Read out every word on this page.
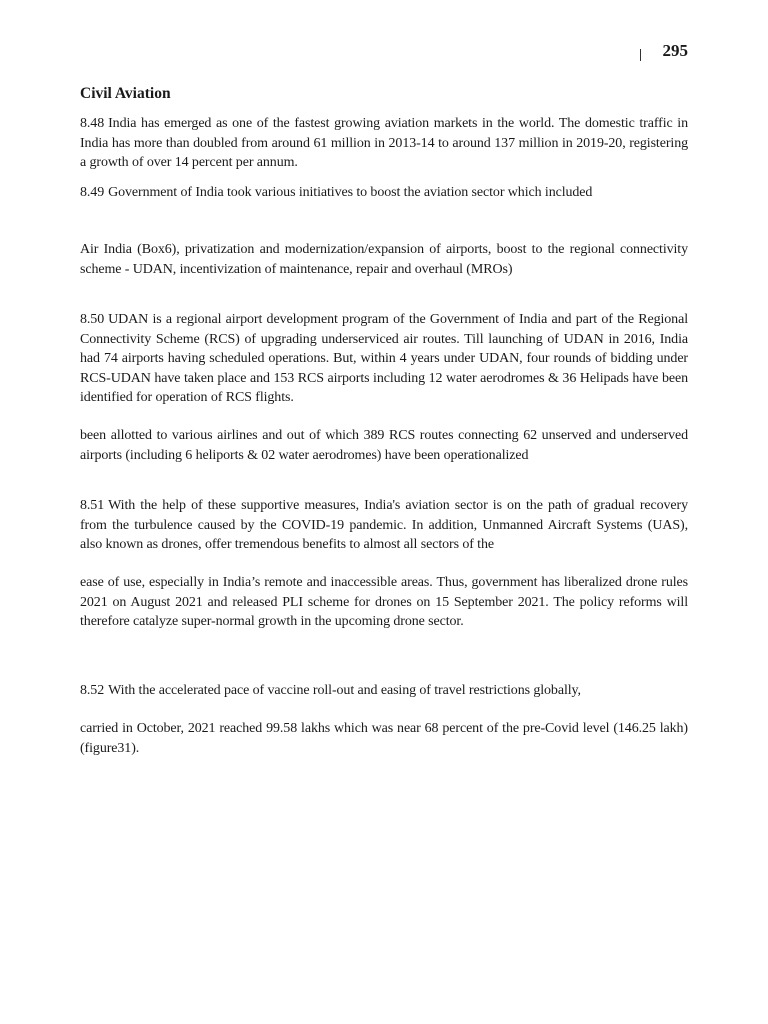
295
Civil Aviation

8.48 India has emerged as one of the fastest growing aviation markets in the world. The domestic traffic in India has more than doubled from around 61 million in 2013-14 to around 137 million in 2019-20, registering a growth of over 14 percent per annum.

8.49 Government of India took various initiatives to boost the aviation sector which included

Air India (Box6), privatization and modernization/expansion of airports, boost to the regional connectivity scheme - UDAN, incentivization of maintenance, repair and overhaul (MROs)

8.50 UDAN is a regional airport development program of the Government of India and part of the Regional Connectivity Scheme (RCS) of upgrading underserviced air routes. Till launching of UDAN in 2016, India had 74 airports having scheduled operations. But, within 4 years under UDAN, four rounds of bidding under RCS-UDAN have taken place and 153 RCS airports including 12 water aerodromes & 36 Helipads have been identified for operation of RCS flights.

been allotted to various airlines and out of which 389 RCS routes connecting 62 unserved and underserved airports (including 6 heliports & 02 water aerodromes) have been operationalized

8.51 With the help of these supportive measures, India's aviation sector is on the path of gradual recovery from the turbulence caused by the COVID-19 pandemic. In addition, Unmanned Aircraft Systems (UAS), also known as drones, offer tremendous benefits to almost all sectors of the

ease of use, especially in India’s remote and inaccessible areas. Thus, government has liberalized drone rules 2021 on August 2021 and released PLI scheme for drones on 15 September 2021. The policy reforms will therefore catalyze super-normal growth in the upcoming drone sector.

8.52 With the accelerated pace of vaccine roll-out and easing of travel restrictions globally,

carried in October, 2021 reached 99.58 lakhs which was near 68 percent of the pre-Covid level (146.25 lakh) (figure31).
